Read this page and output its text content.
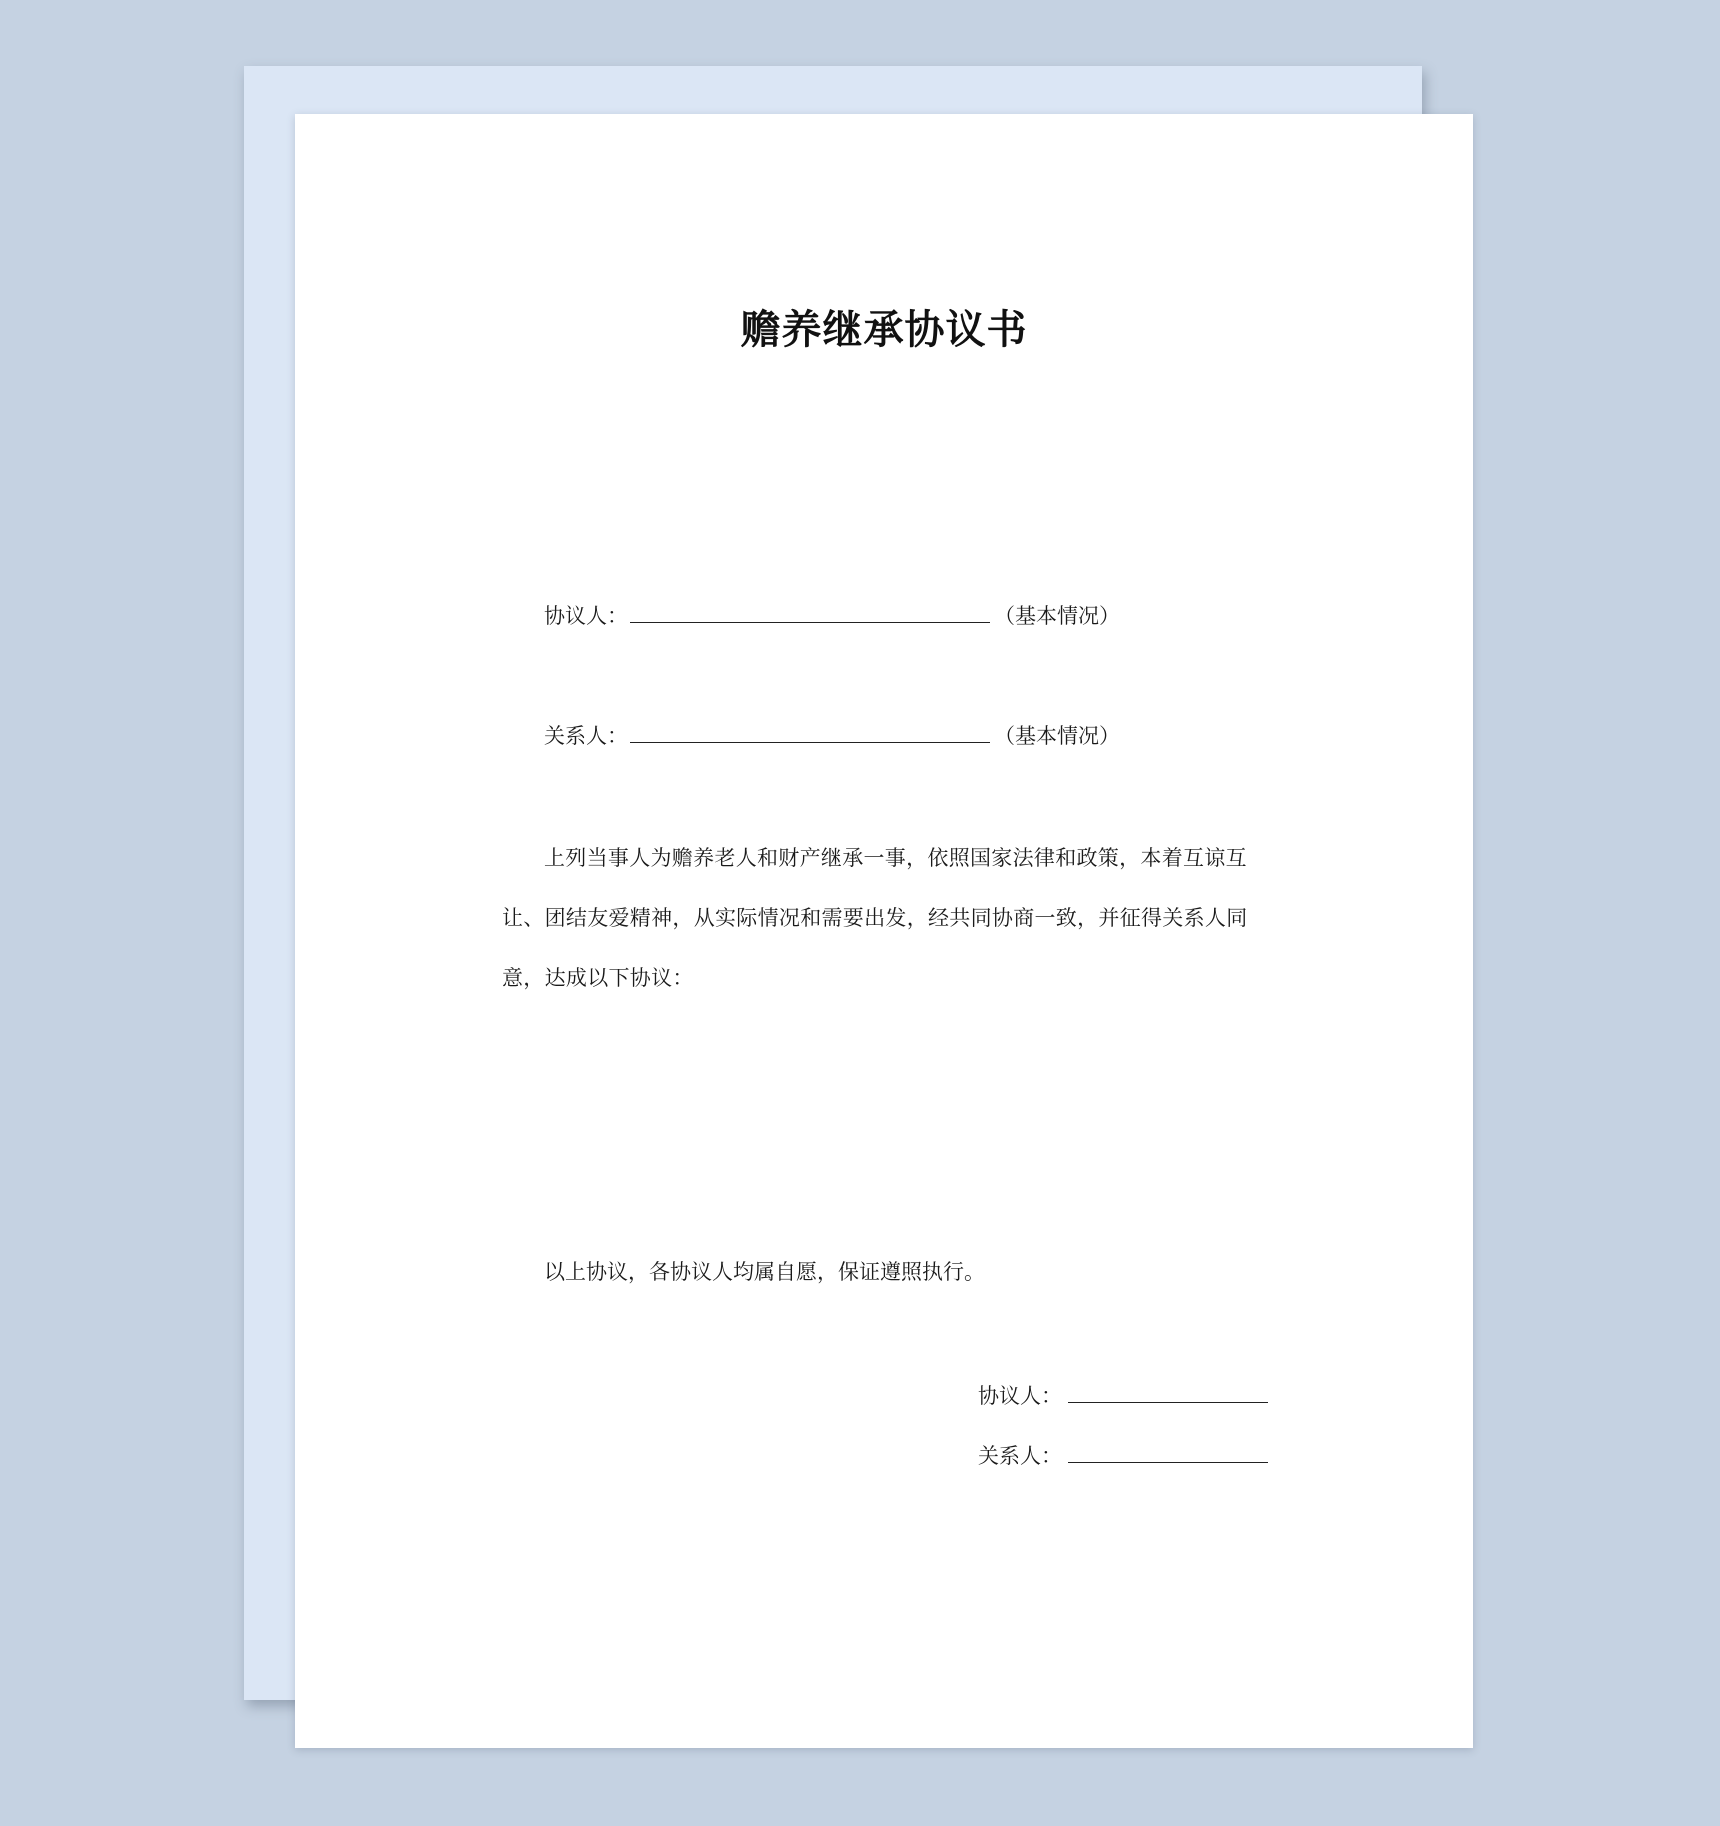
赡养继承协议书
协议人：	（基本情况）
关系人：	（基本情况）
上列当事人为赡养老人和财产继承一事，依照国家法律和政策，本着互谅互让、团结友爱精神，从实际情况和需要出发，经共同协商一致，并征得关系人同意，达成以下协议：
以上协议，各协议人均属自愿，保证遵照执行。
协议人：
关系人：
